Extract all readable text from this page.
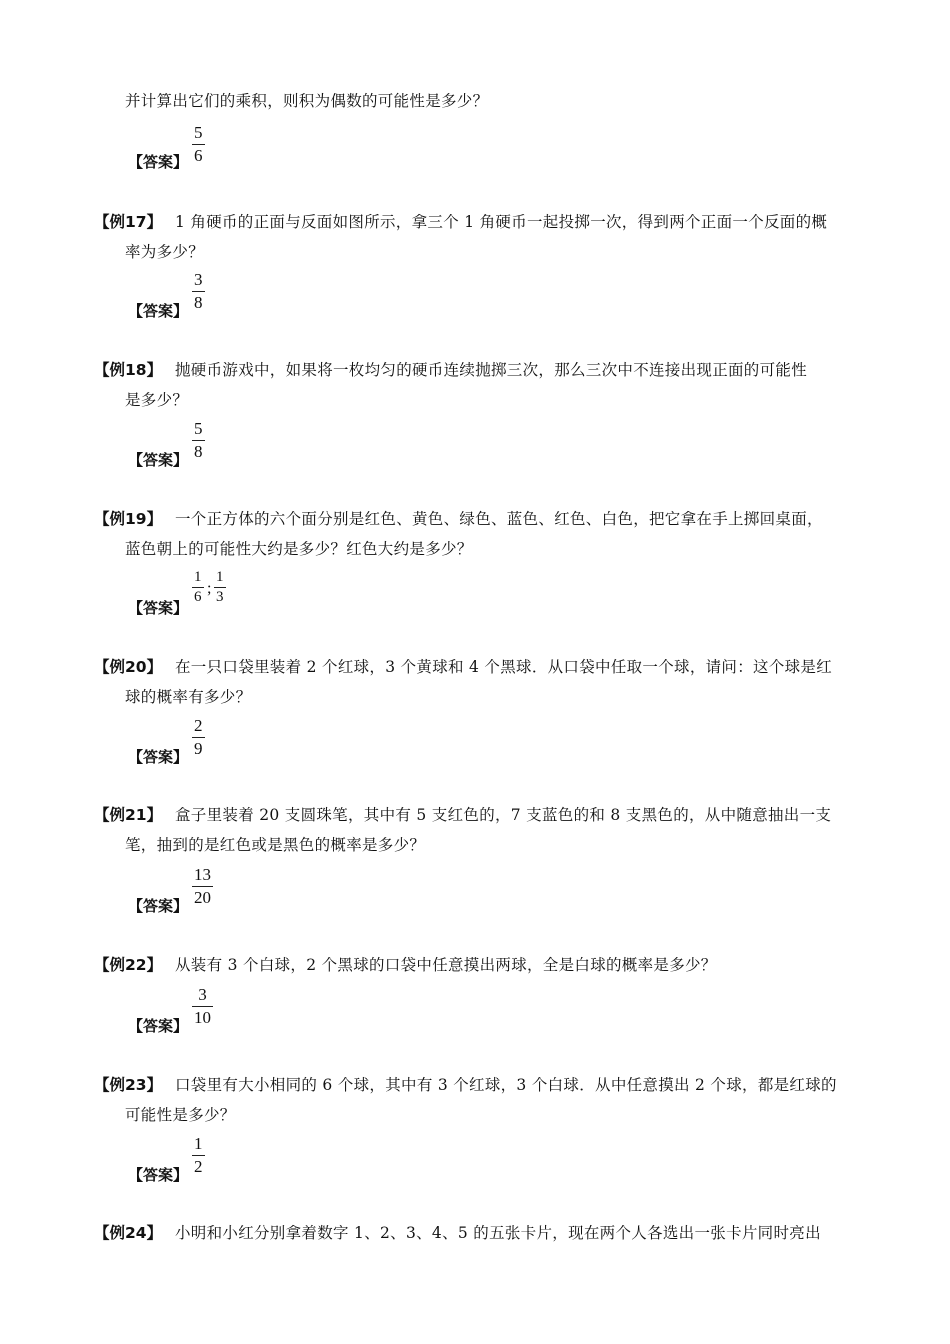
并计算出它们的乘积，则积为偶数的可能性是多少？
5
6
【答案】
【例17】 1 角硬币的正面与反面如图所示，拿三个 1 角硬币一起投掷一次，得到两个正面一个反面的概
率为多少？
3
8
【答案】
【例18】 抛硬币游戏中，如果将一枚均匀的硬币连续抛掷三次，那么三次中不连接出现正面的可能性
是多少？
5
8
【答案】
【例19】 一个正方体的六个面分别是红色、黄色、绿色、蓝色、红色、白色，把它拿在手上掷回桌面，
蓝色朝上的可能性大约是多少？红色大约是多少？
1
6 ;
1
3
【答案】
【例20】 在一只口袋里装着 2 个红球，3 个黄球和 4 个黑球．从口袋中任取一个球，请问：这个球是红
球的概率有多少？
2
9
【答案】
【例21】 盒子里装着 20 支圆珠笔，其中有 5 支红色的，7 支蓝色的和 8 支黑色的，从中随意抽出一支
笔，抽到的是红色或是黑色的概率是多少？
13
20
【答案】
【例22】 从装有 3 个白球，2 个黑球的口袋中任意摸出两球，全是白球的概率是多少？
3
10
【答案】
【例23】 口袋里有大小相同的 6 个球，其中有 3 个红球，3 个白球．从中任意摸出 2 个球，都是红球的
可能性是多少？
1
2
【答案】
【例24】 小明和小红分别拿着数字 1、2、3、4、5 的五张卡片，现在两个人各选出一张卡片同时亮出
